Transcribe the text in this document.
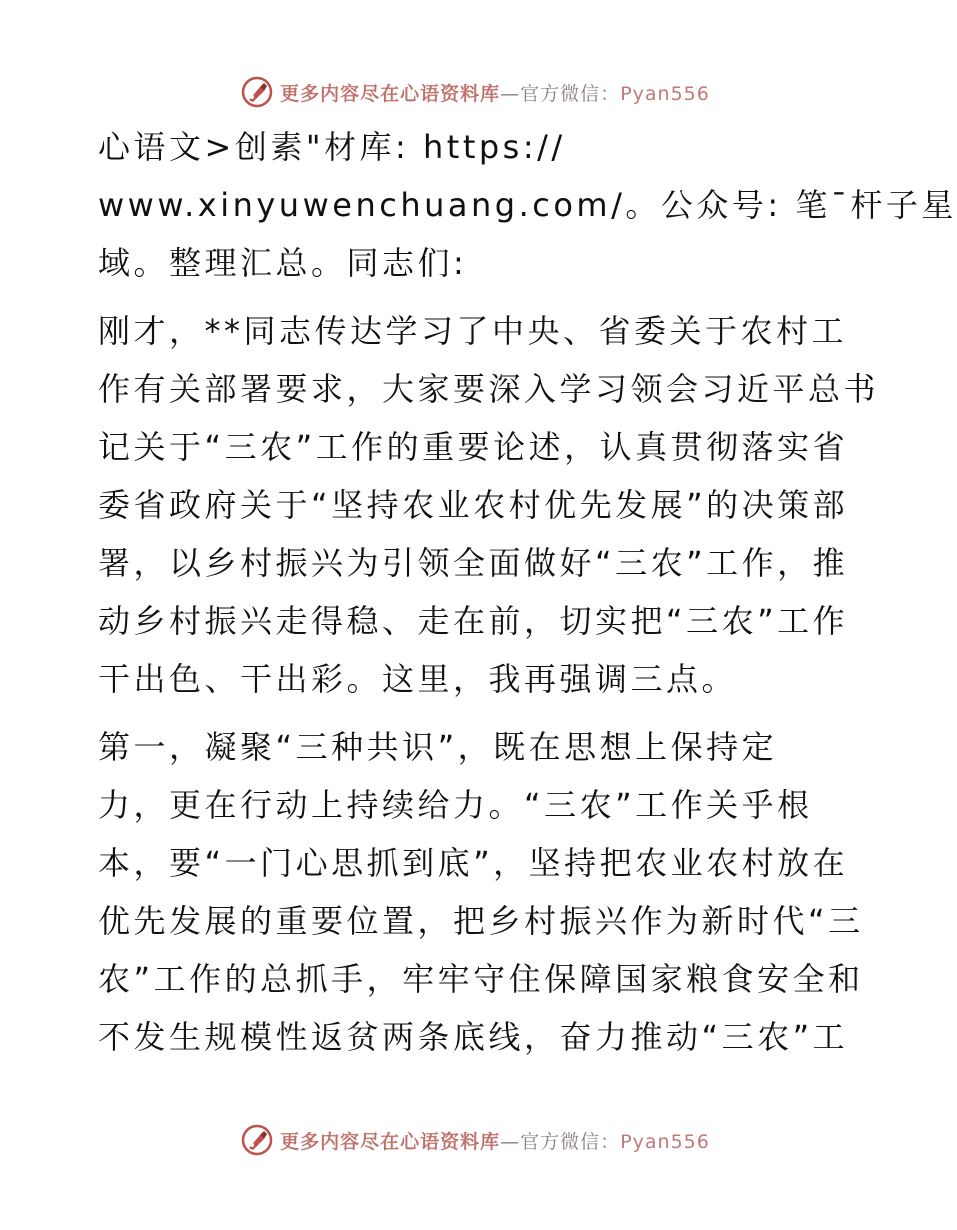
更多内容尽在心语资料库—官方微信：Pyan556
心语文>创素"材库: https://
www.xinyuwenchuang.com/。公众号: 笔¯杆子星
域。整理汇总。同志们:
刚才，**同志传达学习了中央、省委关于农村工
作有关部署要求，大家要深入学习领会习近平总书
记关于“三农”工作的重要论述，认真贯彻落实省
委省政府关于“坚持农业农村优先发展”的决策部
署，以乡村振兴为引领全面做好“三农”工作，推
动乡村振兴走得稳、走在前，切实把“三农”工作
干出色、干出彩。这里，我再强调三点。
第一，凝聚“三种共识”，既在思想上保持定
力，更在行动上持续给力。“三农”工作关乎根
本，要“一门心思抓到底”，坚持把农业农村放在
优先发展的重要位置，把乡村振兴作为新时代“三
农”工作的总抓手，牢牢守住保障国家粮食安全和
不发生规模性返贫两条底线，奋力推动“三农”工
更多内容尽在心语资料库—官方微信：Pyan556
